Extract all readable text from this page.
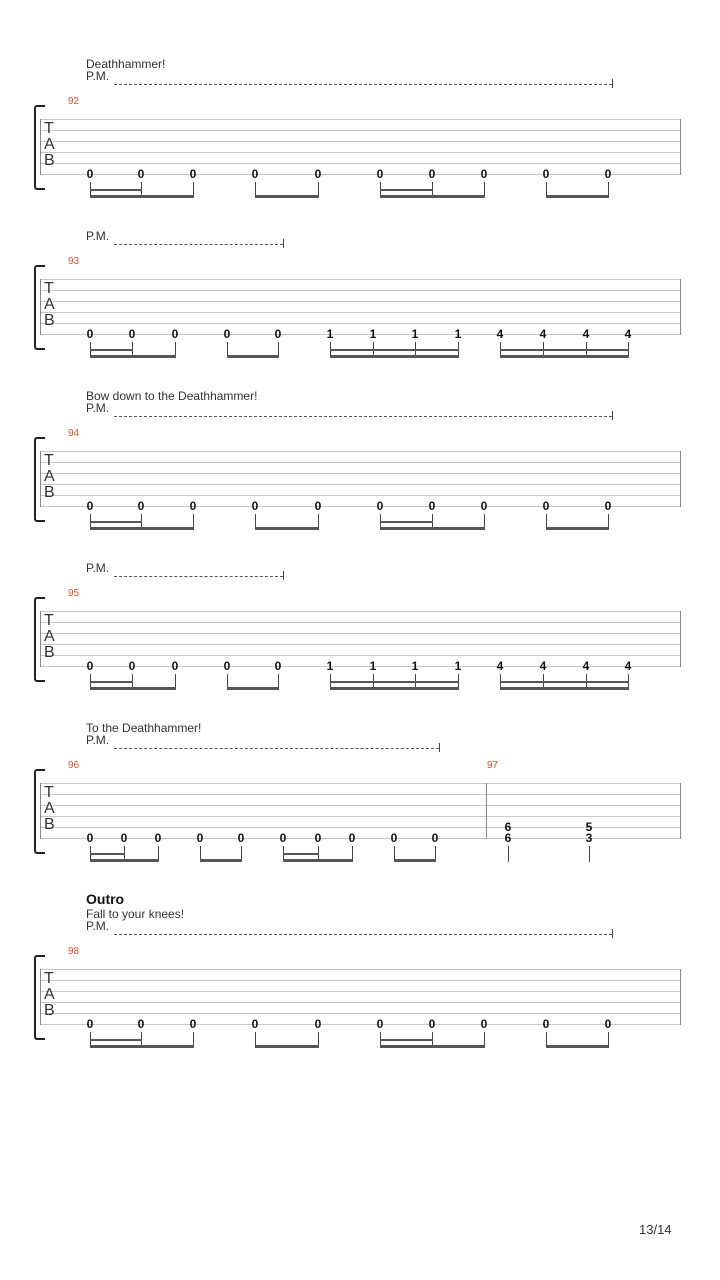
Deathhammer!
P.M.
T
A
B
92
0	0	0	0	0	0	0	0	0	0
P.M.
T
A
B
93
0	0	0	0	0	1	1	1	1	4	4	4	4
Bow down to the Deathhammer!
P.M.
T
A
B
94
0	0	0	0	0	0	0	0	0	0
P.M.
T
A
B
95
0	0	0	0	0	1	1	1	1	4	4	4	4
To the Deathhammer!
P.M.
T
A
B
96
0 0 0	0	0	0 0 0	0	0
97
6
6
5
3
Outro
Fall to your knees!
P.M.
T
A
B
98
0	0	0	0	0	0	0	0	0	0
13/14
